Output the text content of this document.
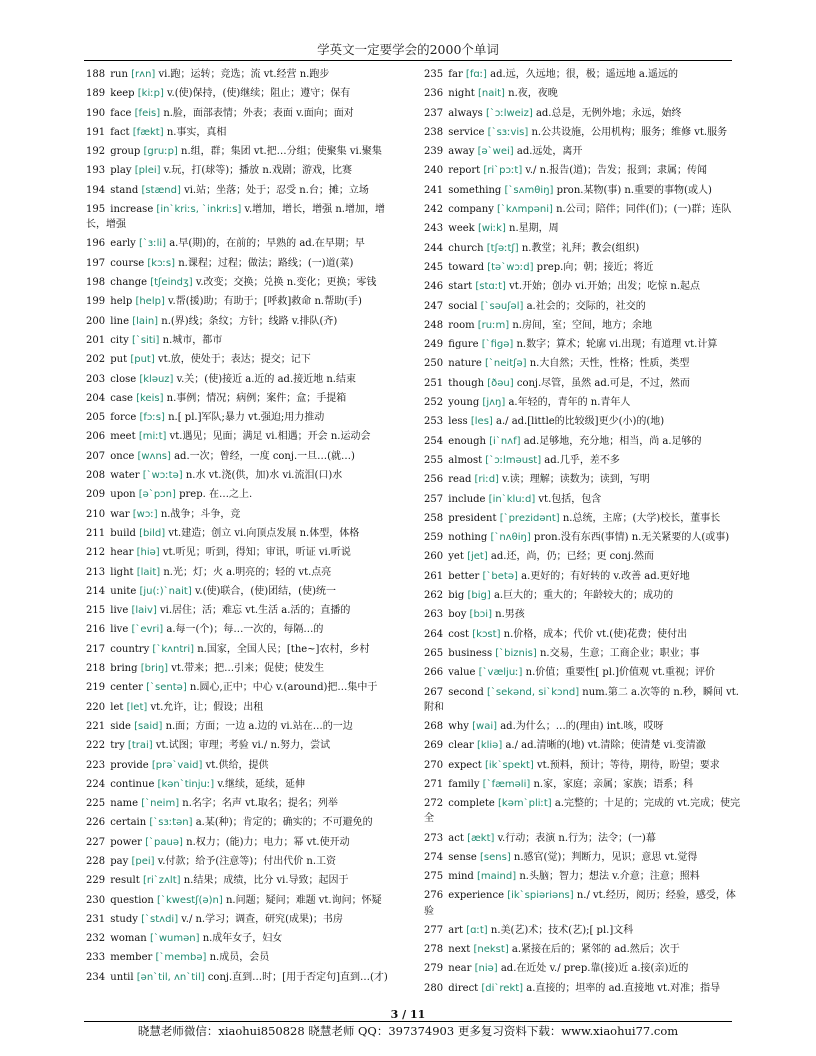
学英文一定要学会的2000个单词
188 run [rʌn] vi.跑；运转；竞选；流 vt.经营 n.跑步
189 keep [kiːp] v.(使)保持，(使)继续；阻止；遵守；保有
190 face [feis] n.脸，面部表情；外表；表面 v.面向；面对
191 fact [fækt] n.事实，真相
192 group [gruːp] n.组，群；集团 vt.把…分组；使聚集 vi.聚集
193 play [plei] v.玩，打(球等)；播放 n.戏剧；游戏，比赛
194 stand [stænd] vi.站；坐落；处于；忍受 n.台；摊；立场
195 increase [in`kriːs, `inkriːs] v.增加，增长，增强 n.增加，增长，增强
196 early [`ɜːli] a.早(期)的，在前的；早熟的 ad.在早期；早
197 course [kɔːs] n.课程；过程；做法；路线；(一)道(菜)
198 change [tʃeindʒ] v.改变；交换；兑换 n.变化；更换；零钱
199 help [help] v.帮(援)助；有助于；[呼救]救命 n.帮助(手)
200 line [lain] n.(界)线；条纹；方针；线路 v.排队(齐)
201 city [`siti] n.城市，都市
202 put [put] vt.放，使处于；表达；提交；记下
203 close [kləuz] v.关；(使)接近 a.近的 ad.接近地 n.结束
204 case [keis] n.事例；情况；病例；案件；盒；手提箱
205 force [fɔːs] n.[ pl.]军队;暴力 vt.强迫;用力推动
206 meet [miːt] vt.遇见；见面；满足 vi.相遇；开会 n.运动会
207 once [wʌns] ad.一次；曾经，一度 conj.一旦…(就…)
208 water [`wɔːtə] n.水 vt.浇(供，加)水 vi.流泪(口)水
209 upon [ə`pɔn] prep. 在…之上.
210 war [wɔː] n.战争；斗争，竞
211 build [bild] vt.建造；创立 vi.向顶点发展 n.体型，体格
212 hear [hiə] vt.听见；听到，得知；审讯，听证 vi.听说
213 light [lait] n.光；灯；火 a.明亮的；轻的 vt.点亮
214 unite [ju(ː)`nait] v.(使)联合，(使)团结，(使)统一
215 live [laiv] vi.居住；活；难忘 vt.生活 a.活的；直播的
216 live [`evri] a.每一(个)；每…一次的，每隔…的
217 country [`kʌntri] n.国家，全国人民；[the~]农村，乡村
218 bring [briŋ] vt.带来；把…引来；促使；使发生
219 center [`sentə] n.圆心,正中；中心 v.(around)把…集中于
220 let [let] vt.允许，让；假设；出租
221 side [said] n.面；方面；一边 a.边的 vi.站在…的一边
222 try [trai] vt.试图；审理；考验 vi./ n.努力，尝试
223 provide [prə`vaid] vt.供给，提供
224 continue [kən`tinjuː] v.继续，延续，延伸
225 name [`neim] n.名字；名声 vt.取名；提名；列举
226 certain [`sɜːtən] a.某(种)；肯定的；确实的；不可避免的
227 power [`pauə] n.权力；(能)力；电力；幂 vt.使开动
228 pay [pei] v.付款；给予(注意等)；付出代价 n.工资
229 result [ri`zʌlt] n.结果；成绩，比分 vi.导致；起因于
230 question [`kwestʃ(ə)n] n.问题；疑问；难题 vt.询问；怀疑
231 study [`stʌdi] v./ n.学习；调查，研究(成果)；书房
232 woman [`wumən] n.成年女子，妇女
233 member [`membə] n.成员，会员
234 until [ən`til, ʌn`til] conj.直到…时；[用于否定句]直到…(才)
235 far [fɑː] ad.远，久远地；很，极；遥远地 a.遥远的
236 night [nait] n.夜，夜晚
237 always [`ɔːlweiz] ad.总是，无例外地；永远，始终
238 service [`sɜːvis] n.公共设施，公用机构；服务；维修 vt.服务
239 away [ə`wei] ad.远处，离开
240 report [ri`pɔːt] v./ n.报告(道)；告发；报到；隶属；传闻
241 something [`sʌmθiŋ] pron.某物(事) n.重要的事物(或人)
242 company [`kʌmpəni] n.公司；陪伴；同伴(们)；(一)群；连队
243 week [wiːk] n.星期，周
244 church [tʃəːtʃ] n.教堂；礼拜；教会(组织)
245 toward [tə`wɔːd] prep.向；朝；接近；将近
246 start [stɑːt] vt.开始；创办 vi.开始；出发；吃惊 n.起点
247 social [`səuʃəl] a.社会的；交际的，社交的
248 room [ruːm] n.房间，室；空间，地方；余地
249 figure [`figə] n.数字；算术；轮廓 vi.出现；有道理 vt.计算
250 nature [`neitʃə] n.大自然；天性，性格；性质，类型
251 though [ðəu] conj.尽管，虽然 ad.可是，不过，然而
252 young [jʌŋ] a.年轻的，青年的 n.青年人
253 less [les] a./ ad.[little的比较级]更少(小)的(地)
254 enough [i`nʌf] ad.足够地，充分地；相当，尚 a.足够的
255 almost [`ɔːlməust] ad.几乎，差不多
256 read [riːd] v.读；理解；读数为；读到，写明
257 include [in`kluːd] vt.包括，包含
258 president [`prezidənt] n.总统，主席；(大学)校长，董事长
259 nothing [`nʌθiŋ] pron.没有东西(事情) n.无关紧要的人(或事)
260 yet [jet] ad.还，尚，仍；已经；更 conj.然而
261 better [`betə] a.更好的；有好转的 v.改善 ad.更好地
262 big [big] a.巨大的；重大的；年龄较大的；成功的
263 boy [bɔi] n.男孩
264 cost [kɔst] n.价格，成本；代价 vt.(使)花费；使付出
265 business [`biznis] n.交易，生意；工商企业；职业；事
266 value [`væljuː] n.价值；重要性[ pl.]价值观 vt.重视；评价
267 second [`sekənd, si`kɔnd] num.第二 a.次等的 n.秒，瞬间 vt.附和
268 why [wai] ad.为什么；…的(理由) int.咳，哎呀
269 clear [kliə] a./ ad.清晰的(地) vt.清除；使清楚 vi.变清澈
270 expect [ik`spekt] vt.预料，预计；等待，期待，盼望；要求
271 family [`fæməli] n.家，家庭；亲属；家族；语系；科
272 complete [kəm`pliːt] a.完整的；十足的；完成的 vt.完成；使完全
273 act [ækt] v.行动；表演 n.行为；法令；(一)幕
274 sense [sens] n.感官(觉)；判断力，见识；意思 vt.觉得
275 mind [maind] n.头脑；智力；想法 v.介意；注意；照料
276 experience [ik`spiəriəns] n./ vt.经历，阅历；经验，感受，体验
277 art [ɑːt] n.美(艺)术；技术(艺);[ pl.]文科
278 next [nekst] a.紧接在后的；紧邻的 ad.然后；次于
279 near [niə] ad.在近处 v./ prep.靠(接)近 a.接(亲)近的
280 direct [di`rekt] a.直接的；坦率的 ad.直接地 vt.对准；指导
3 / 11
晓慧老师微信：xiaohui850828 晓慧老师 QQ：397374903 更多复习资料下载：www.xiaohui77.com
